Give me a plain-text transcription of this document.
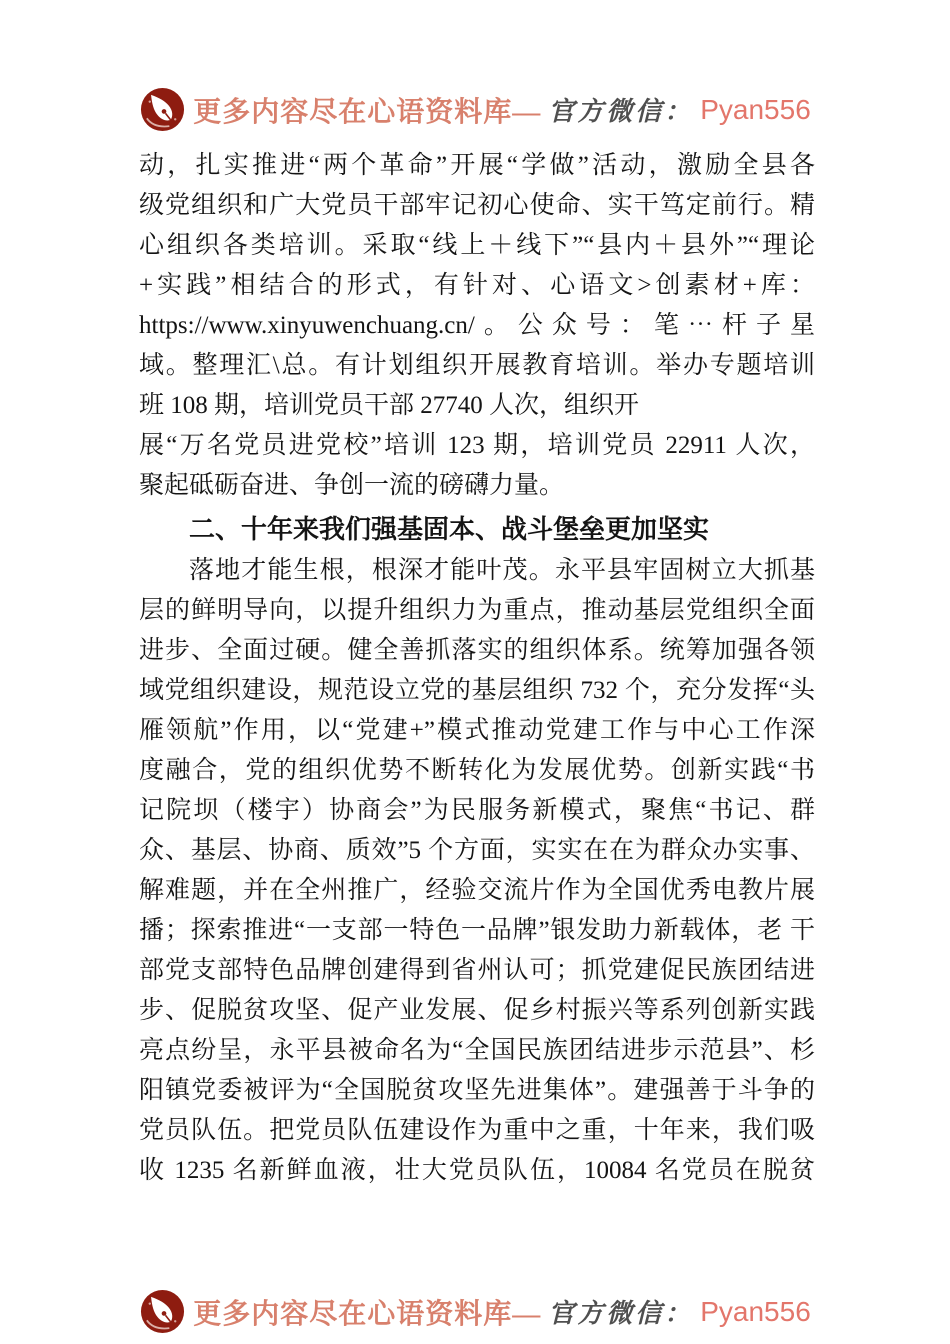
更多内容尽在心语资料库— 官方微信： Pyan556
动，扎实推进“两个革命”开展“学做”活动，激励全县各
级党组织和广大党员干部牢记初心使命、实干笃定前行。精
心组织各类培训。采取“线上＋线下”“县内＋县外”“理论
+实践”相结合的形式，有针对、心语文>创素材+库：
https://www.xinyuwenchuang.cn/。公众号：笔⋯杆子星
域。整理汇\总。有计划组织开展教育培训。举办专题培训
班 108 期，培训党员干部 27740 人次，组织开
展“万名党员进党校”培训 123 期，培训党员 22911 人次，
聚起砥砺奋进、争创一流的磅礴力量。
二、十年来我们强基固本、战斗堡垒更加坚实
落地才能生根，根深才能叶茂。永平县牢固树立大抓基
层的鲜明导向，以提升组织力为重点，推动基层党组织全面
进步、全面过硬。健全善抓落实的组织体系。统筹加强各领
域党组织建设，规范设立党的基层组织 732 个，充分发挥“头
雁领航”作用，以“党建+”模式推动党建工作与中心工作深
度融合，党的组织优势不断转化为发展优势。创新实践“书
记院坝（楼宇）协商会”为民服务新模式，聚焦“书记、群
众、基层、协商、质效”5 个方面，实实在在为群众办实事、
解难题，并在全州推广，经验交流片作为全国优秀电教片展
播；探索推进“一支部一特色一品牌”银发助力新载体，老 干
部党支部特色品牌创建得到省州认可；抓党建促民族团结进
步、促脱贫攻坚、促产业发展、促乡村振兴等系列创新实践
亮点纷呈，永平县被命名为“全国民族团结进步示范县”、杉
阳镇党委被评为“全国脱贫攻坚先进集体”。建强善于斗争的
党员队伍。把党员队伍建设作为重中之重，十年来，我们吸
收 1235 名新鲜血液，壮大党员队伍，10084 名党员在脱贫
更多内容尽在心语资料库— 官方微信： Pyan556
